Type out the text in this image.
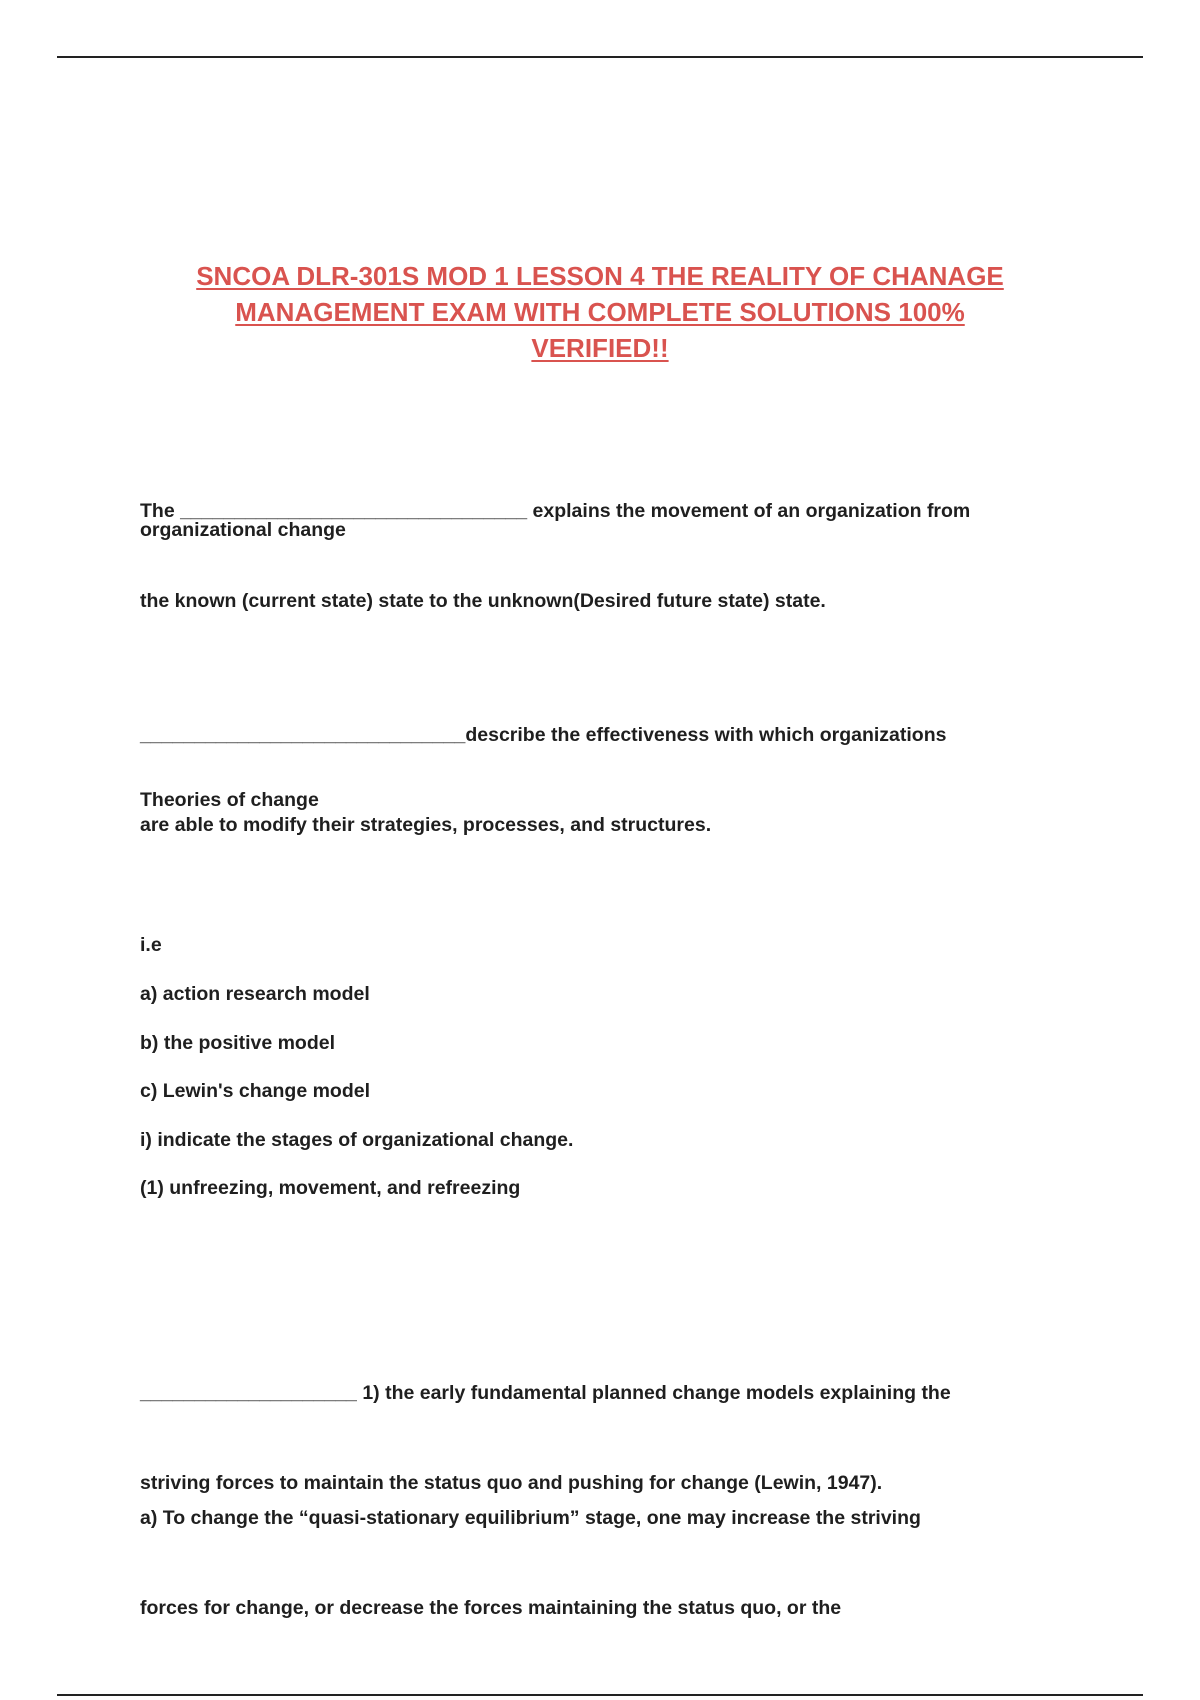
SNCOA DLR-301S MOD 1 LESSON 4 THE REALITY OF CHANAGE
MANAGEMENT EXAM WITH COMPLETE SOLUTIONS 100%
VERIFIED!!

The ________________________________ explains the movement of an organization from

the known (current state) state to the unknown(Desired future state) state.

organizational change

______________________________describe the effectiveness with which organizations

are able to modify their strategies, processes, and structures.

Theories of change
i.e
a) action research model
b) the positive model
c) Lewin's change model
i) indicate the stages of organizational change.
(1) unfreezing, movement, and refreezing

____________________ 1) the early fundamental planned change models explaining the

striving forces to maintain the status quo and pushing for change (Lewin, 1947).

a) To change the “quasi-stationary equilibrium” stage, one may increase the striving

forces for change, or decrease the forces maintaining the status quo, or the
